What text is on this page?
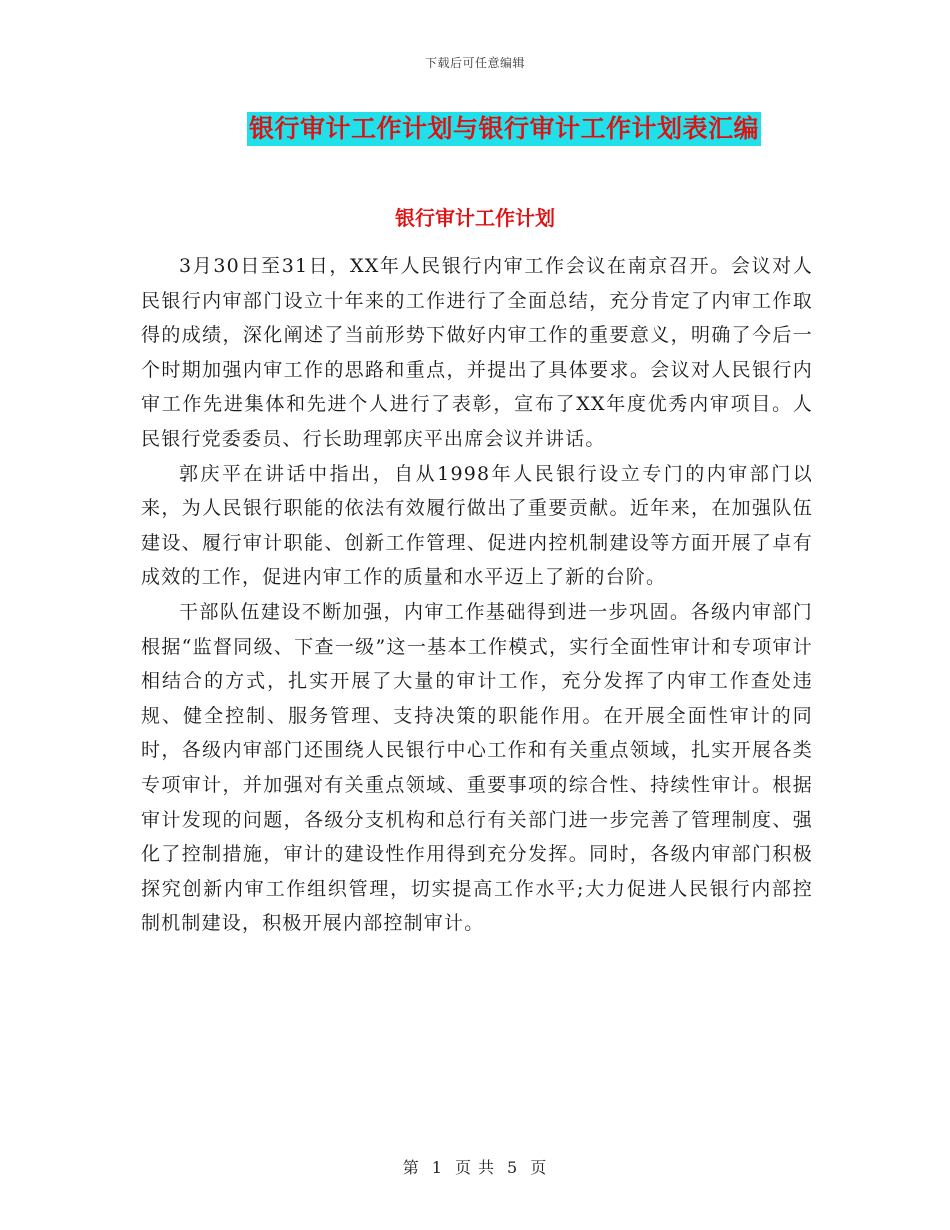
下载后可任意编辑
银行审计工作计划与银行审计工作计划表汇编
银行审计工作计划

3月30日至31日，XX年人民银行内审工作会议在南京召开。会议对人民银行内审部门设立十年来的工作进行了全面总结，充分肯定了内审工作取得的成绩，深化阐述了当前形势下做好内审工作的重要意义，明确了今后一个时期加强内审工作的思路和重点，并提出了具体要求。会议对人民银行内审工作先进集体和先进个人进行了表彰，宣布了XX年度优秀内审项目。人民银行党委委员、行长助理郭庆平出席会议并讲话。

郭庆平在讲话中指出，自从1998年人民银行设立专门的内审部门以来，为人民银行职能的依法有效履行做出了重要贡献。近年来，在加强队伍建设、履行审计职能、创新工作管理、促进内控机制建设等方面开展了卓有成效的工作，促进内审工作的质量和水平迈上了新的台阶。

干部队伍建设不断加强，内审工作基础得到进一步巩固。各级内审部门根据“监督同级、下查一级”这一基本工作模式，实行全面性审计和专项审计相结合的方式，扎实开展了大量的审计工作，充分发挥了内审工作查处违规、健全控制、服务管理、支持决策的职能作用。在开展全面性审计的同时，各级内审部门还围绕人民银行中心工作和有关重点领域，扎实开展各类专项审计，并加强对有关重点领域、重要事项的综合性、持续性审计。根据审计发现的问题，各级分支机构和总行有关部门进一步完善了管理制度、强化了控制措施，审计的建设性作用得到充分发挥。同时，各级内审部门积极探究创新内审工作组织管理，切实提高工作水平;大力促进人民银行内部控制机制建设，积极开展内部控制审计。

第 1 页 共 5 页
